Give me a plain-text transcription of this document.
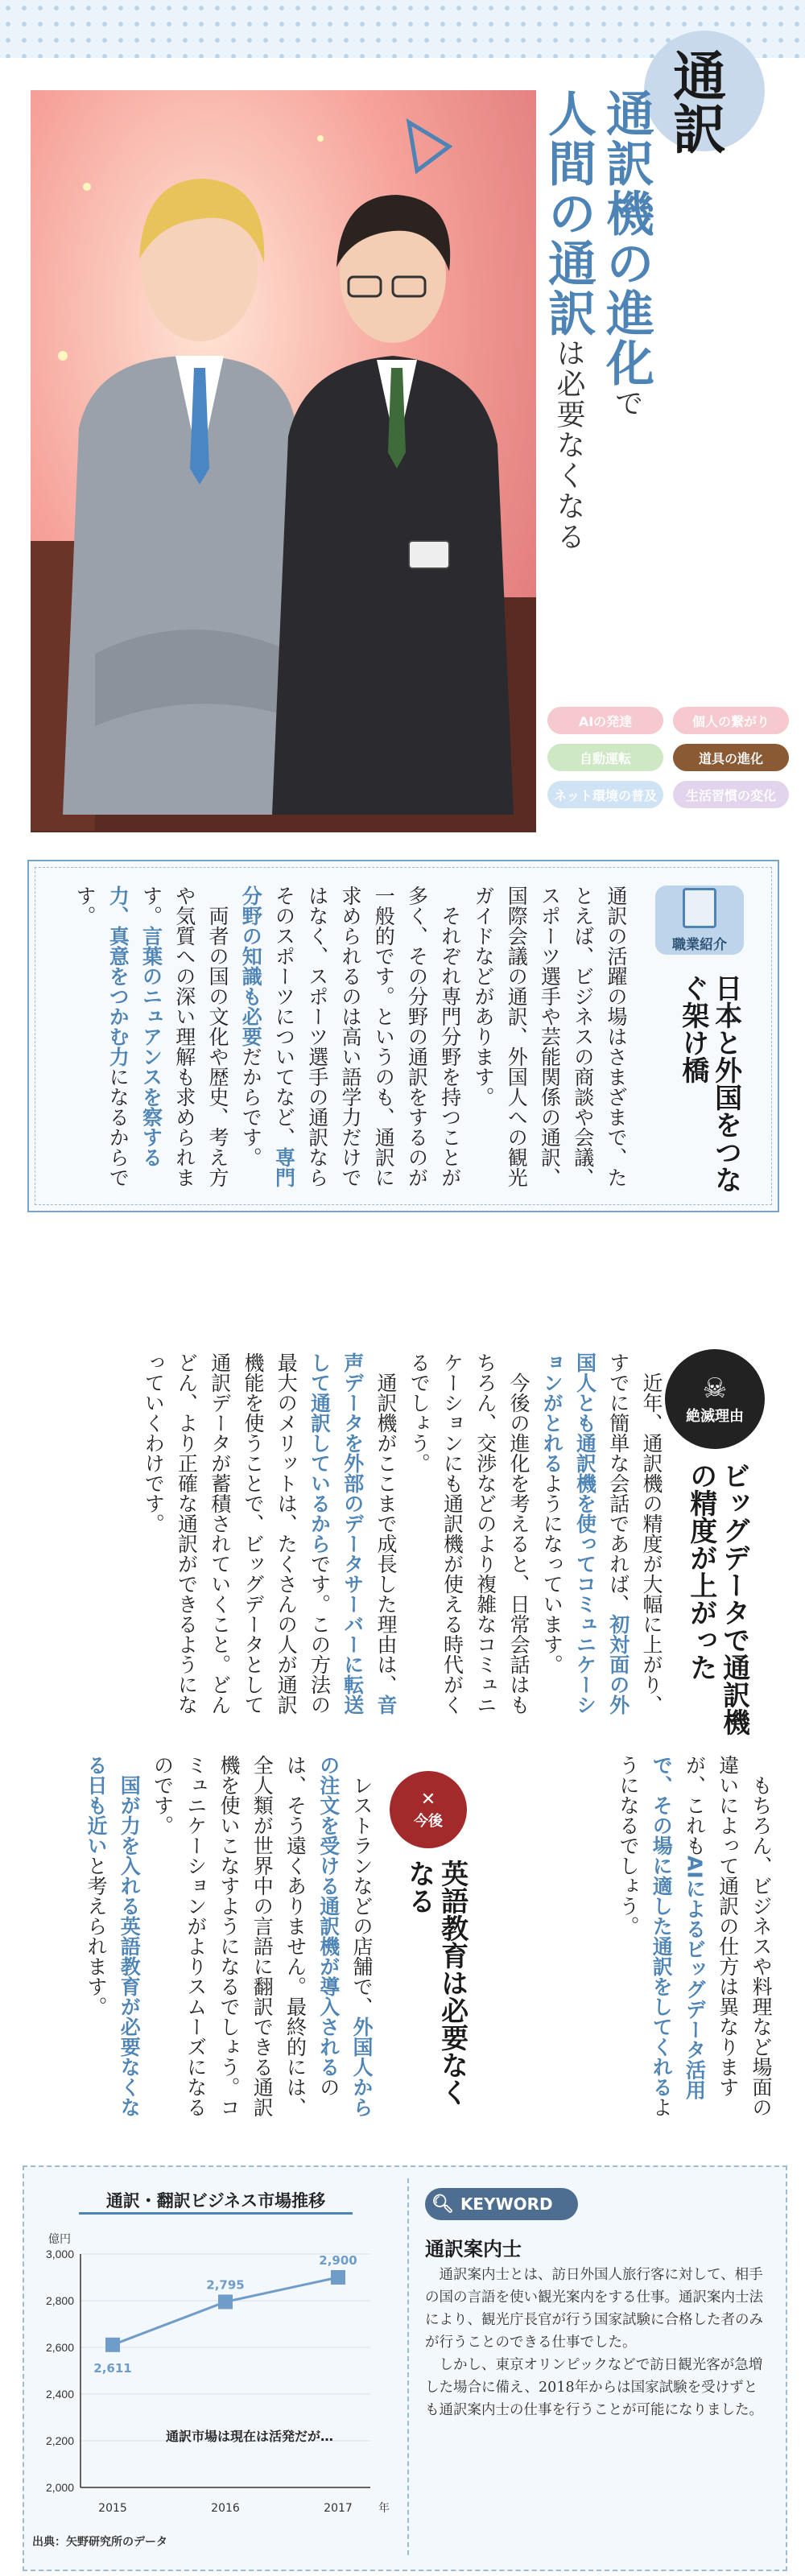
通訳
通訳機の進化で
人間の通訳は必要なくなる
AIの発達	個人の繋がり
自動運転	道具の進化
ネット環境の普及	生活習慣の変化
職業紹介
日本と外国をつなぐ架け橋
通訳の活躍の場はさまざまで、たとえば、ビジネスの商談や会議、スポーツ選手や芸能関係の通訳、国際会議の通訳、外国人への観光ガイドなどがあります。
それぞれ専門分野を持つことが多く、その分野の通訳をするのが一般的です。というのも、通訳に求められるのは高い語学力だけではなく、スポーツ選手の通訳ならそのスポーツについてなど、専門分野の知識も必要だからです。
両者の国の文化や歴史、考え方や気質への深い理解も求められます。言葉のニュアンスを察する力、真意をつかむ力になるからです。
☠
絶滅理由
ビッグデータで通訳機の精度が上がった
近年、通訳機の精度が大幅に上がり、すでに簡単な会話であれば、初対面の外国人とも通訳機を使ってコミュニケーションがとれるようになっています。
今後の進化を考えると、日常会話はもちろん、交渉などのより複雑なコミュニケーションにも通訳機が使える時代がくるでしょう。
通訳機がここまで成長した理由は、音声データを外部のデータサーバーに転送して通訳しているからです。この方法の最大のメリットは、たくさんの人が通訳機能を使うことで、ビッグデータとして通訳データが蓄積されていくこと。どんどん、より正確な通訳ができるようになっていくわけです。
もちろん、ビジネスや料理など場面の違いによって通訳の仕方は異なりますが、これもAIによるビッグデータ活用で、その場に適した通訳をしてくれるようになるでしょう。
✕
今後
英語教育は必要なくなる
レストランなどの店舗で、外国人からの注文を受ける通訳機が導入されるのは、そう遠くありません。最終的には、全人類が世界中の言語に翻訳できる通訳機を使いこなすようになるでしょう。コミュニケーションがよりスムーズになるのです。
国が力を入れる英語教育が必要なくなる日も近いと考えられます。
通訳・翻訳ビジネス市場推移
2,000
2,200
2,400
2,600
2,800
3,000
億円
年
2,611
2015
2,795
2016
2,900
2017
通訳市場は現在は活発だが…
出典：矢野研究所のデータ
🔍︎ KEYWORD
通訳案内士

通訳案内士とは、訪日外国人旅行客に対して、相手の国の言語を使い観光案内をする仕事。通訳案内士法により、観光庁長官が行う国家試験に合格した者のみが行うことのできる仕事でした。

しかし、東京オリンピックなどで訪日観光客が急増した場合に備え、2018年からは国家試験を受けずとも通訳案内士の仕事を行うことが可能になりました。
